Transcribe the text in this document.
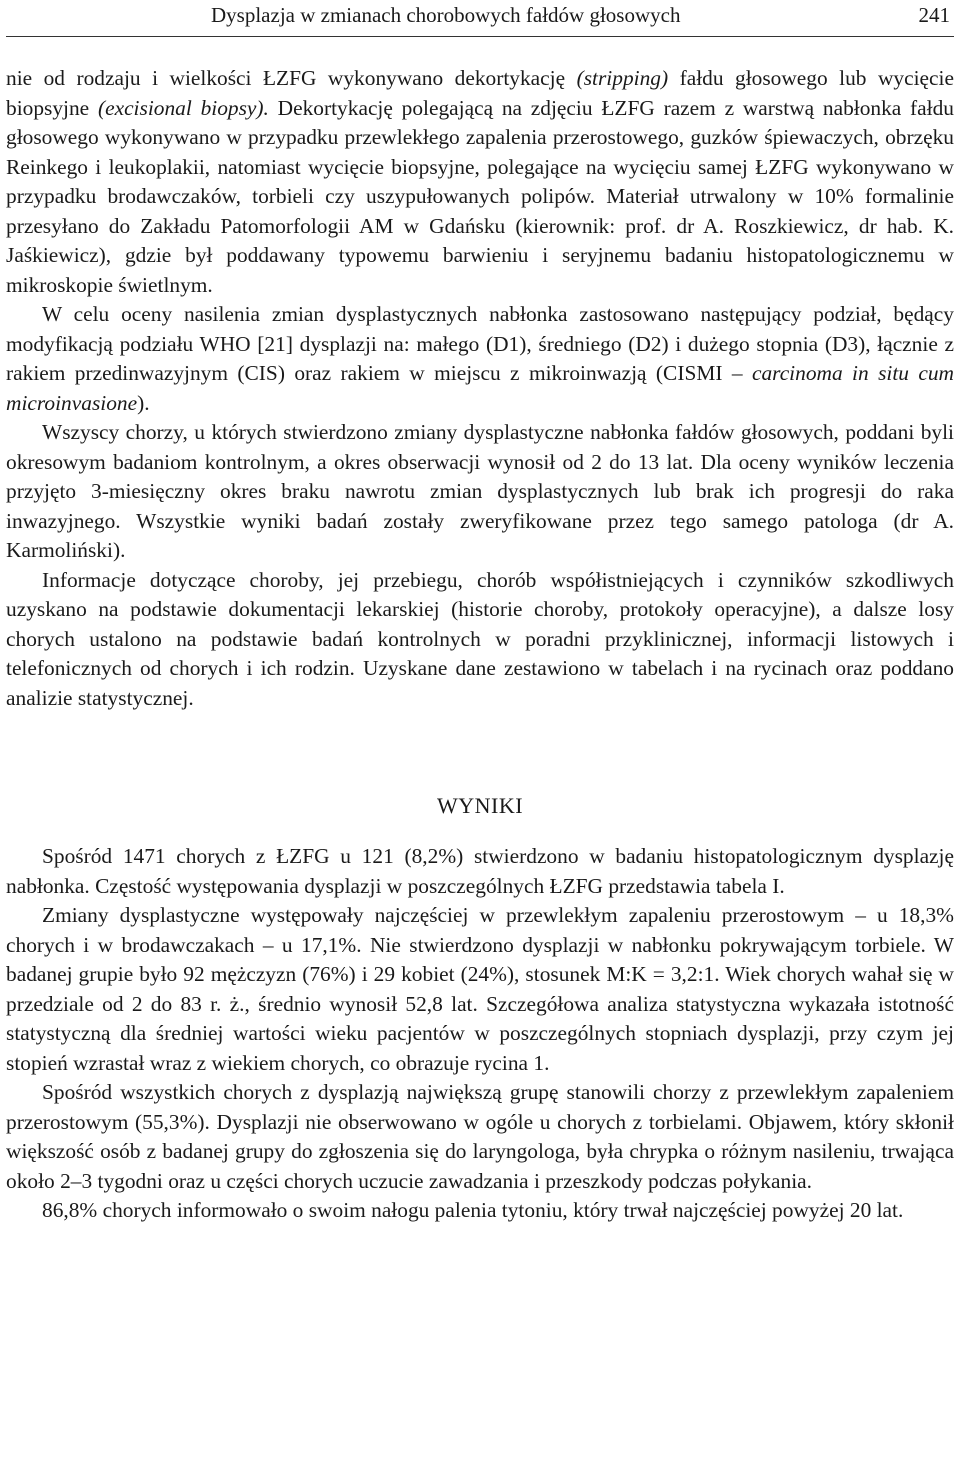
Dysplazja w zmianach chorobowych fałdów głosowych	241

nie od rodzaju i wielkości ŁZFG wykonywano dekortykację (stripping) fałdu głosowego lub wycięcie biopsyjne (excisional biopsy). Dekortykację polegającą na zdjęciu ŁZFG razem z warstwą nabłonka fałdu głosowego wykonywano w przypadku przewlekłego zapalenia przerostowego, guzków śpiewaczych, obrzęku Reinkego i leukoplakii, natomiast wycięcie biopsyjne, polegające na wycięciu samej ŁZFG wykonywano w przypadku brodawczaków, torbieli czy uszypułowanych polipów. Materiał utrwalony w 10% formalinie przesyłano do Zakładu Patomorfologii AM w Gdańsku (kierownik: prof. dr A. Roszkiewicz, dr hab. K. Jaśkiewicz), gdzie był poddawany typowemu barwieniu i seryjnemu badaniu histopatologicznemu w mikroskopie świetlnym.

W celu oceny nasilenia zmian dysplastycznych nabłonka zastosowano następujący podział, będący modyfikacją podziału WHO [21] dysplazji na: małego (D1), średniego (D2) i dużego stopnia (D3), łącznie z rakiem przedinwazyjnym (CIS) oraz rakiem w miejscu z mikroinwazją (CISMI – carcinoma in situ cum microinvasione).

Wszyscy chorzy, u których stwierdzono zmiany dysplastyczne nabłonka fałdów głosowych, poddani byli okresowym badaniom kontrolnym, a okres obserwacji wynosił od 2 do 13 lat. Dla oceny wyników leczenia przyjęto 3-miesięczny okres braku nawrotu zmian dysplastycznych lub brak ich progresji do raka inwazyjnego. Wszystkie wyniki badań zostały zweryfikowane przez tego samego patologa (dr A. Karmoliński).

Informacje dotyczące choroby, jej przebiegu, chorób współistniejących i czynników szkodliwych uzyskano na podstawie dokumentacji lekarskiej (historie choroby, protokoły operacyjne), a dalsze losy chorych ustalono na podstawie badań kontrolnych w poradni przyklinicznej, informacji listowych i telefonicznych od chorych i ich rodzin. Uzyskane dane zestawiono w tabelach i na rycinach oraz poddano analizie statystycznej.

WYNIKI

Spośród 1471 chorych z ŁZFG u 121 (8,2%) stwierdzono w badaniu histopatologicznym dysplazję nabłonka. Częstość występowania dysplazji w poszczególnych ŁZFG przedstawia tabela I.

Zmiany dysplastyczne występowały najczęściej w przewlekłym zapaleniu przerostowym – u 18,3% chorych i w brodawczakach – u 17,1%. Nie stwierdzono dysplazji w nabłonku pokrywającym torbiele. W badanej grupie było 92 mężczyzn (76%) i 29 kobiet (24%), stosunek M:K = 3,2:1. Wiek chorych wahał się w przedziale od 2 do 83 r. ż., średnio wynosił 52,8 lat. Szczegółowa analiza statystyczna wykazała istotność statystyczną dla średniej wartości wieku pacjentów w poszczególnych stopniach dysplazji, przy czym jej stopień wzrastał wraz z wiekiem chorych, co obrazuje rycina 1.

Spośród wszystkich chorych z dysplazją największą grupę stanowili chorzy z przewlekłym zapaleniem przerostowym (55,3%). Dysplazji nie obserwowano w ogóle u chorych z torbielami. Objawem, który skłonił większość osób z badanej grupy do zgłoszenia się do laryngologa, była chrypka o różnym nasileniu, trwająca około 2–3 tygodni oraz u części chorych uczucie zawadzania i przeszkody podczas połykania.

86,8% chorych informowało o swoim nałogu palenia tytoniu, który trwał najczęściej powyżej 20 lat.
